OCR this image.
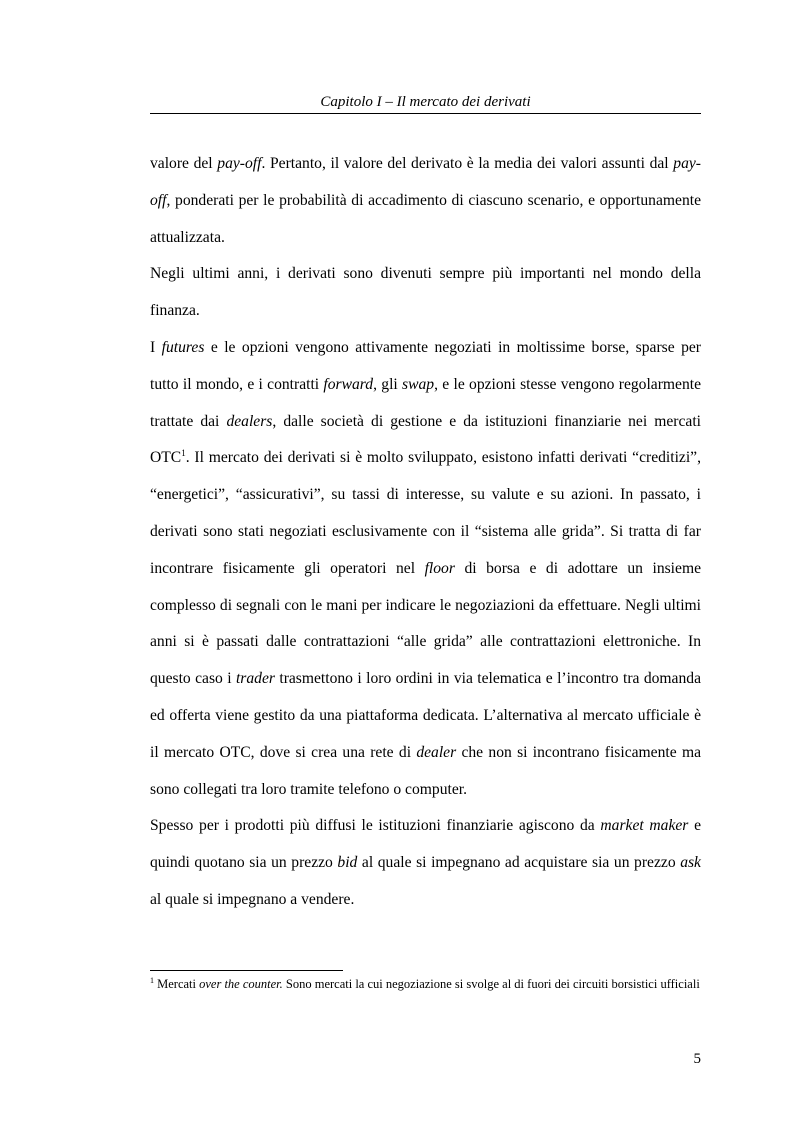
Capitolo I – Il mercato dei derivati

valore del pay-off. Pertanto, il valore del derivato è la media dei valori assunti dal pay-off, ponderati per le probabilità di accadimento di ciascuno scenario, e opportunamente attualizzata.

Negli ultimi anni, i derivati sono divenuti sempre più importanti nel mondo della finanza.

I futures e le opzioni vengono attivamente negoziati in moltissime borse, sparse per tutto il mondo, e i contratti forward, gli swap, e le opzioni stesse vengono regolarmente trattate dai dealers, dalle società di gestione e da istituzioni finanziarie nei mercati OTC$^1$. Il mercato dei derivati si è molto sviluppato, esistono infatti derivati “creditizi”, “energetici”, “assicurativi”, su tassi di interesse, su valute e su azioni. In passato, i derivati sono stati negoziati esclusivamente con il “sistema alle grida”. Si tratta di far incontrare fisicamente gli operatori nel floor di borsa e di adottare un insieme complesso di segnali con le mani per indicare le negoziazioni da effettuare. Negli ultimi anni si è passati dalle contrattazioni “alle grida” alle contrattazioni elettroniche. In questo caso i trader trasmettono i loro ordini in via telematica e l’incontro tra domanda ed offerta viene gestito da una piattaforma dedicata. L’alternativa al mercato ufficiale è il mercato OTC, dove si crea una rete di dealer che non si incontrano fisicamente ma sono collegati tra loro tramite telefono o computer.

Spesso per i prodotti più diffusi le istituzioni finanziarie agiscono da market maker e quindi quotano sia un prezzo bid al quale si impegnano ad acquistare sia un prezzo ask al quale si impegnano a vendere.

$^1$ Mercati over the counter. Sono mercati la cui negoziazione si svolge al di fuori dei circuiti borsistici ufficiali
5
